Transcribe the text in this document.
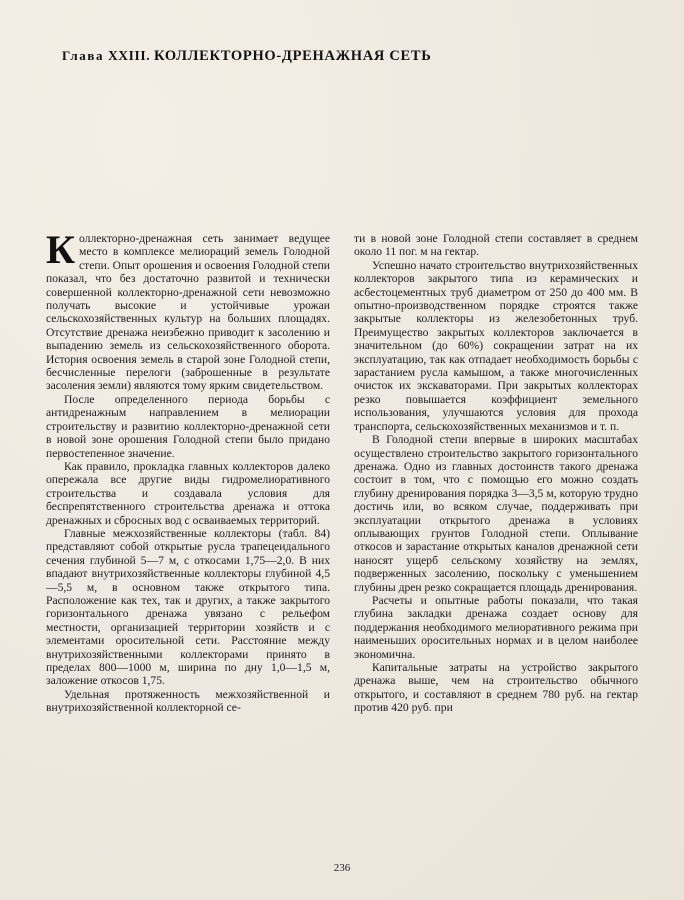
Глава XXIII. КОЛЛЕКТОРНО-ДРЕНАЖНАЯ СЕТЬ

Коллекторно-дренажная сеть занимает ведущее место в комплексе мелиораций земель Голодной степи. Опыт орошения и освоения Голодной степи показал, что без достаточно развитой и технически совершенной коллекторно-дренажной сети невозможно получать высокие и устойчивые урожаи сельскохозяйственных культур на больших площадях. Отсутствие дренажа неизбежно приводит к засолению и выпадению земель из сельскохозяйственного оборота. История освоения земель в старой зоне Голодной степи, бесчисленные перелоги (заброшенные в результате засоления земли) являются тому ярким свидетельством.

После определенного периода борьбы с антидренажным направлением в мелиорации строительству и развитию коллекторно-дренажной сети в новой зоне орошения Голодной степи было придано первостепенное значение.

Как правило, прокладка главных коллекторов далеко опережала все другие виды гидромелиоративного строительства и создавала условия для беспрепятственного строительства дренажа и оттока дренажных и сбросных вод с осваиваемых территорий.

Главные межхозяйственные коллекторы (табл. 84) представляют собой открытые русла трапецеидального сечения глубиной 5—7 м, с откосами 1,75—2,0. В них впадают внутрихозяйственные коллекторы глубиной 4,5—5,5 м, в основном также открытого типа. Расположение как тех, так и других, а также закрытого горизонтального дренажа увязано с рельефом местности, организацией территории хозяйств и с элементами оросительной сети. Расстояние между внутрихозяйственными коллекторами принято в пределах 800—1000 м, ширина по дну 1,0—1,5 м, заложение откосов 1,75.

Удельная протяженность межхозяйственной и внутрихозяйственной коллекторной се-

ти в новой зоне Голодной степи составляет в среднем около 11 пог. м на гектар.

Успешно начато строительство внутрихозяйственных коллекторов закрытого типа из керамических и асбестоцементных труб диаметром от 250 до 400 мм. В опытно-производственном порядке строятся также закрытые коллекторы из железобетонных труб. Преимущество закрытых коллекторов заключается в значительном (до 60%) сокращении затрат на их эксплуатацию, так как отпадает необходимость борьбы с зарастанием русла камышом, а также многочисленных очисток их экскаваторами. При закрытых коллекторах резко повышается коэффициент земельного использования, улучшаются условия для прохода транспорта, сельскохозяйственных механизмов и т. п.

В Голодной степи впервые в широких масштабах осуществлено строительство закрытого горизонтального дренажа. Одно из главных достоинств такого дренажа состоит в том, что с помощью его можно создать глубину дренирования порядка 3—3,5 м, которую трудно достичь или, во всяком случае, поддерживать при эксплуатации открытого дренажа в условиях оплывающих грунтов Голодной степи. Оплывание откосов и зарастание открытых каналов дренажной сети наносят ущерб сельскому хозяйству на землях, подверженных засолению, поскольку с уменьшением глубины дрен резко сокращается площадь дренирования.

Расчеты и опытные работы показали, что такая глубина закладки дренажа создает основу для поддержания необходимого мелиоративного режима при наименьших оросительных нормах и в целом наиболее экономична.

Капитальные затраты на устройство закрытого дренажа выше, чем на строительство обычного открытого, и составляют в среднем 780 руб. на гектар против 420 руб. при

236
